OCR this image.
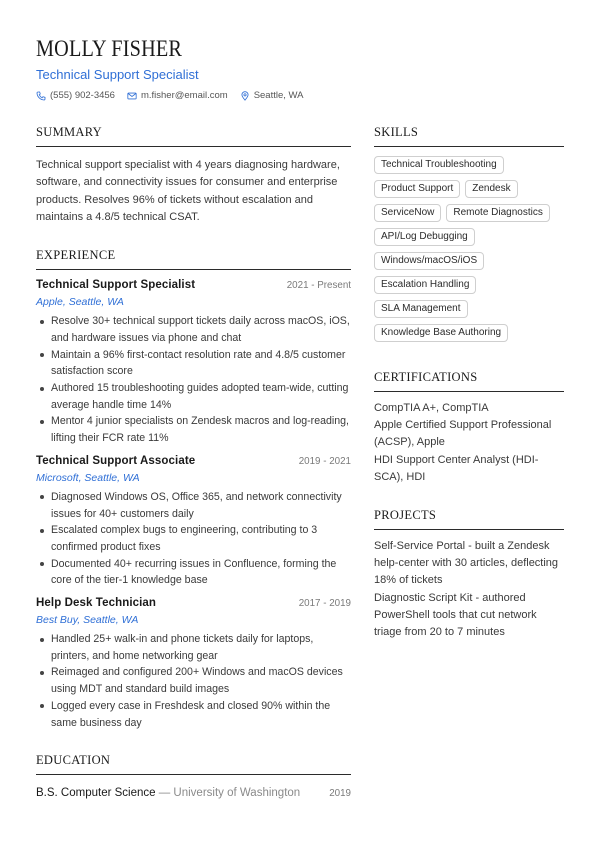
MOLLY FISHER
Technical Support Specialist
(555) 902-3456	m.fisher@email.com	Seattle, WA
SUMMARY

Technical support specialist with 4 years diagnosing hardware, software, and connectivity issues for consumer and enterprise products. Resolves 96% of tickets without escalation and maintains a 4.8/5 technical CSAT.

EXPERIENCE
Technical Support Specialist	2021 - Present
Apple, Seattle, WA
Resolve 30+ technical support tickets daily across macOS, iOS, and hardware issues via phone and chat
Maintain a 96% first-contact resolution rate and 4.8/5 customer satisfaction score
Authored 15 troubleshooting guides adopted team-wide, cutting average handle time 14%
Mentor 4 junior specialists on Zendesk macros and log-reading, lifting their FCR rate 11%
Technical Support Associate	2019 - 2021
Microsoft, Seattle, WA
Diagnosed Windows OS, Office 365, and network connectivity issues for 40+ customers daily
Escalated complex bugs to engineering, contributing to 3 confirmed product fixes
Documented 40+ recurring issues in Confluence, forming the core of the tier-1 knowledge base
Help Desk Technician	2017 - 2019
Best Buy, Seattle, WA
Handled 25+ walk-in and phone tickets daily for laptops, printers, and home networking gear
Reimaged and configured 200+ Windows and macOS devices using MDT and standard build images
Logged every case in Freshdesk and closed 90% within the same business day
EDUCATION
B.S. Computer Science — University of Washington	2019
SKILLS
Technical Troubleshooting
Product Support	Zendesk
ServiceNow	Remote Diagnostics
API/Log Debugging
Windows/macOS/iOS
Escalation Handling
SLA Management
Knowledge Base Authoring
CERTIFICATIONS
CompTIA A+, CompTIA
Apple Certified Support Professional (ACSP), Apple
HDI Support Center Analyst (HDI-SCA), HDI
PROJECTS
Self-Service Portal - built a Zendesk help-center with 30 articles, deflecting 18% of tickets
Diagnostic Script Kit - authored PowerShell tools that cut network triage from 20 to 7 minutes
